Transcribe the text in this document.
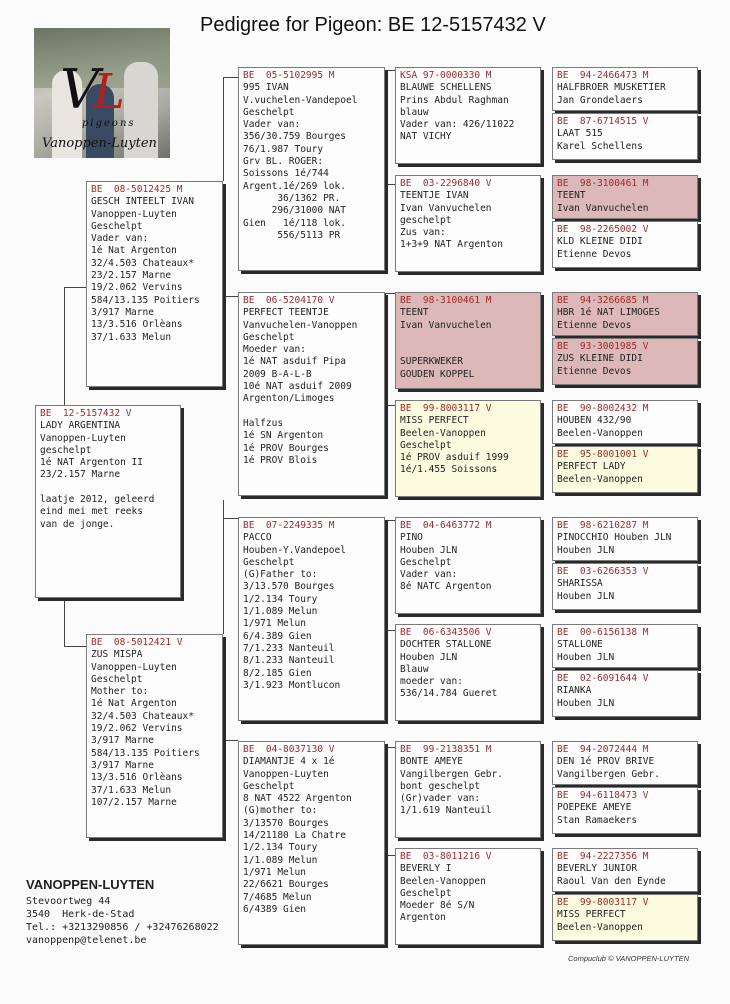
Pedigree for Pigeon: BE 12-5157432 V
VL
pigeons
Vanoppen-Luyten
BE  12-5157432 V
LADY ARGENTINA
Vanoppen-Luyten
geschelpt
1é NAT Argenton II
23/2.157 Marne

laatje 2012, geleerd
eind mei met reeks
van de jonge.
BE  08-5012425 M
GESCH INTEELT IVAN
Vanoppen-Luyten
Geschelpt
Vader van:
1é Nat Argenton
32/4.503 Chateaux*
23/2.157 Marne
19/2.062 Vervins
584/13.135 Poitiers
3/917 Marne
13/3.516 Orlèans
37/1.633 Melun
BE  08-5012421 V
ZUS MISPA
Vanoppen-Luyten
Geschelpt
Mother to:
1é Nat Argenton
32/4.503 Chateaux*
19/2.062 Vervins
3/917 Marne
584/13.135 Poitiers
3/917 Marne
13/3.516 Orlèans
37/1.633 Melun
107/2.157 Marne
BE  05-5102995 M
995 IVAN
V.vuchelen-Vandepoel
Geschelpt
Vader van:
356/30.759 Bourges
76/1.987 Toury
Grv BL. ROGER:
Soissons 1é/744
Argent.1é/269 lok.
36/1362 PR.
296/31000 NAT
Gien   1é/118 lok.
556/5113 PR
BE  06-5204170 V
PERFECT TEENTJE
Vanvuchelen-Vanoppen
Geschelpt
Moeder van:
1é NAT asduif Pipa
2009 B-A-L-B
10é NAT asduif 2009
Argenton/Limoges

Halfzus
1é SN Argenton
1é PROV Bourges
1é PROV Blois
BE  07-2249335 M
PACCO
Houben-Y.Vandepoel
Geschelpt
(G)Father to:
3/13.570 Bourges
1/2.134 Toury
1/1.089 Melun
1/971 Melun
6/4.389 Gien
7/1.233 Nanteuil
8/1.233 Nanteuil
8/2.185 Gien
3/1.923 Montlucon
BE  04-8037130 V
DIAMANTJE 4 x 1é
Vanoppen-Luyten
Geschelpt
8 NAT 4522 Argenton
(G)mother to:
3/13570 Bourges
14/21180 La Chatre
1/2.134 Toury
1/1.089 Melun
1/971 Melun
22/6621 Bourges
7/4685 Melun
6/4389 Gien
KSA 97-0000330 M
BLAUWE SCHELLENS
Prins Abdul Raghman
blauw
Vader van: 426/11022
NAT VICHY
BE  03-2296840 V
TEENTJE IVAN
Ivan Vanvuchelen
geschelpt
Zus van:
1+3+9 NAT Argenton
BE  98-3100461 M
TEENT
Ivan Vanvuchelen

SUPERKWEKER
GOUDEN KOPPEL
BE  99-8003117 V
MISS PERFECT
Beelen-Vanoppen
Geschelpt
1é PROV asduif 1999
1é/1.455 Soissons
BE  04-6463772 M
PINO
Houben JLN
Geschelpt
Vader van:
8é NATC Argenton
BE  06-6343506 V
DOCHTER STALLONE
Houben JLN
Blauw
moeder van:
536/14.784 Gueret
BE  99-2138351 M
BONTE AMEYE
Vangilbergen Gebr.
bont geschelpt
(Gr)vader van:
1/1.619 Nanteuil
BE  03-8011216 V
BEVERLY I
Beelen-Vanoppen
Geschelpt
Moeder 8é S/N
Argenton
BE  94-2466473 M
HALFBROER MUSKETIER
Jan Grondelaers
BE  87-6714515 V
LAAT 515
Karel Schellens
BE  98-3100461 M
TEENT
Ivan Vanvuchelen
BE  98-2265002 V
KLD KLEINE DIDI
Etienne Devos
BE  94-3266685 M
HBR 1é NAT LIMOGES
Etienne Devos
BE  93-3001985 V
ZUS KLEINE DIDI
Etienne Devos
BE  90-8002432 M
HOUBEN 432/90
Beelen-Vanoppen
BE  95-8001001 V
PERFECT LADY
Beelen-Vanoppen
BE  98-6210287 M
PINOCCHIO Houben JLN
Houben JLN
BE  03-6266353 V
SHARISSA
Houben JLN
BE  00-6156138 M
STALLONE
Houben JLN
BE  02-6091644 V
RIANKA
Houben JLN
BE  94-2072444 M
DEN 1é PROV BRIVE
Vangilbergen Gebr.
BE  94-6118473 V
POEPEKE AMEYE
Stan Ramaekers
BE  94-2227356 M
BEVERLY JUNIOR
Raoul Van den Eynde
BE  99-8003117 V
MISS PERFECT
Beelen-Vanoppen
VANOPPEN-LUYTEN
Stevoortweg 44
3540  Herk-de-Stad
Tel.: +3213290856 / +32476268022
vanoppenp@telenet.be
Compuclub © VANOPPEN-LUYTEN
